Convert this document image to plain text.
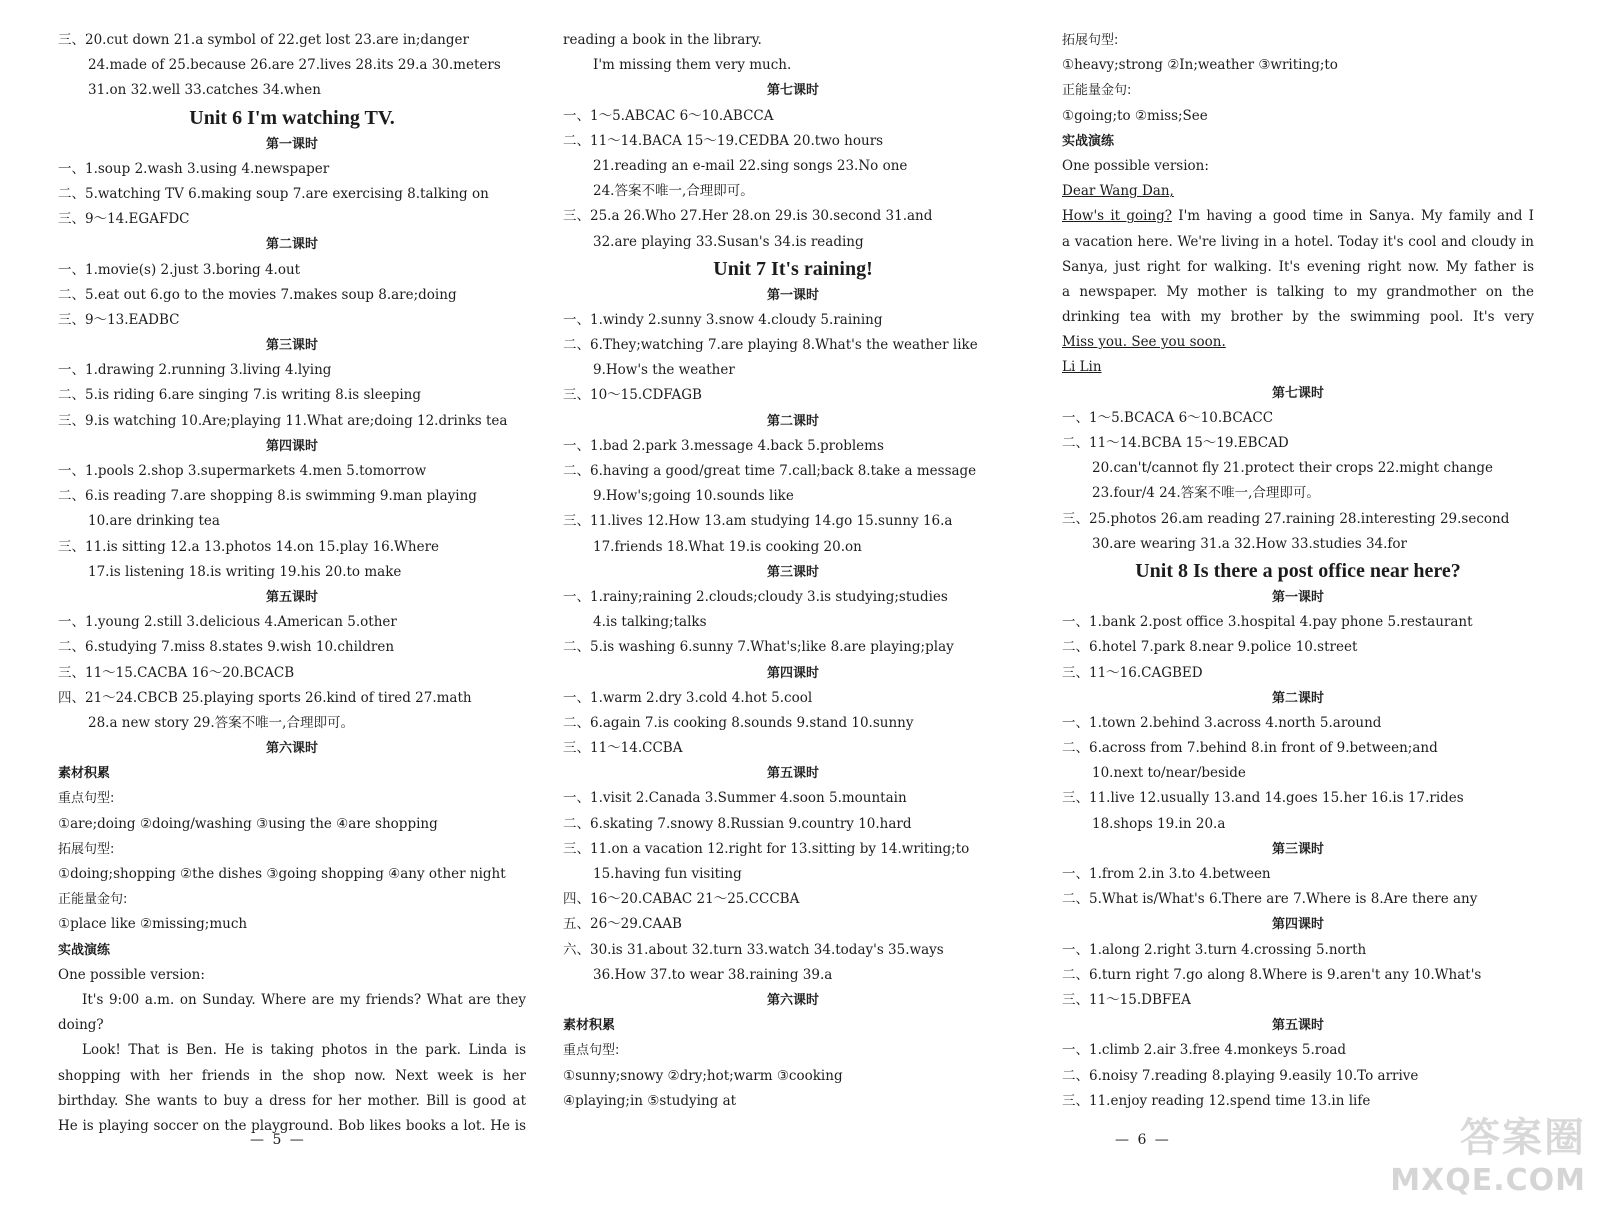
三、20.cut down 21.a symbol of 22.get lost 23.are in;danger
24.made of 25.because 26.are 27.lives 28.its 29.a 30.meters
31.on 32.well 33.catches 34.when
Unit 6 I'm watching TV.
第一课时
一、1.soup 2.wash 3.using 4.newspaper
二、5.watching TV 6.making soup 7.are exercising 8.talking on
三、9～14.EGAFDC
第二课时
一、1.movie(s) 2.just 3.boring 4.out
二、5.eat out 6.go to the movies 7.makes soup 8.are;doing
三、9～13.EADBC
第三课时
一、1.drawing 2.running 3.living 4.lying
二、5.is riding 6.are singing 7.is writing 8.is sleeping
三、9.is watching 10.Are;playing 11.What are;doing 12.drinks tea
第四课时
一、1.pools 2.shop 3.supermarkets 4.men 5.tomorrow
二、6.is reading 7.are shopping 8.is swimming 9.man playing
10.are drinking tea
三、11.is sitting 12.a 13.photos 14.on 15.play 16.Where
17.is listening 18.is writing 19.his 20.to make
第五课时
一、1.young 2.still 3.delicious 4.American 5.other
二、6.studying 7.miss 8.states 9.wish 10.children
三、11～15.CACBA 16～20.BCACB
四、21～24.CBCB 25.playing sports 26.kind of tired 27.math
28.a new story 29.答案不唯一,合理即可。
第六课时
素材积累
重点句型:
①are;doing ②doing/washing ③using the ④are shopping
拓展句型:
①doing;shopping ②the dishes ③going shopping ④any other night
正能量金句:
①place like ②missing;much
实战演练
One possible version:
It's 9:00 a.m. on Sunday. Where are my friends? What are they
doing?
Look! That is Ben. He is taking photos in the park. Linda is
shopping with her friends in the shop now. Next week is her
birthday. She wants to buy a dress for her mother. Bill is good at
He is playing soccer on the playground. Bob likes books a lot. He is
reading a book in the library.
I'm missing them very much.
第七课时
一、1～5.ABCAC 6～10.ABCCA
二、11～14.BACA 15～19.CEDBA 20.two hours
21.reading an e-mail 22.sing songs 23.No one
24.答案不唯一,合理即可。
三、25.a 26.Who 27.Her 28.on 29.is 30.second 31.and
32.are playing 33.Susan's 34.is reading
Unit 7 It's raining!
第一课时
一、1.windy 2.sunny 3.snow 4.cloudy 5.raining
二、6.They;watching 7.are playing 8.What's the weather like
9.How's the weather
三、10～15.CDFAGB
第二课时
一、1.bad 2.park 3.message 4.back 5.problems
二、6.having a good/great time 7.call;back 8.take a message
9.How's;going 10.sounds like
三、11.lives 12.How 13.am studying 14.go 15.sunny 16.a
17.friends 18.What 19.is cooking 20.on
第三课时
一、1.rainy;raining 2.clouds;cloudy 3.is studying;studies
4.is talking;talks
二、5.is washing 6.sunny 7.What's;like 8.are playing;play
第四课时
一、1.warm 2.dry 3.cold 4.hot 5.cool
二、6.again 7.is cooking 8.sounds 9.stand 10.sunny
三、11～14.CCBA
第五课时
一、1.visit 2.Canada 3.Summer 4.soon 5.mountain
二、6.skating 7.snowy 8.Russian 9.country 10.hard
三、11.on a vacation 12.right for 13.sitting by 14.writing;to
15.having fun visiting
四、16～20.CABAC 21～25.CCCBA
五、26～29.CAAB
六、30.is 31.about 32.turn 33.watch 34.today's 35.ways
36.How 37.to wear 38.raining 39.a
第六课时
素材积累
重点句型:
①sunny;snowy ②dry;hot;warm ③cooking
④playing;in ⑤studying at
拓展句型:
①heavy;strong ②In;weather ③writing;to
正能量金句:
①going;to ②miss;See
实战演练
One possible version:
Dear Wang Dan,
How's it going? I'm having a good time in Sanya. My family and I
a vacation here. We're living in a hotel. Today it's cool and cloudy in
Sanya, just right for walking. It's evening right now. My father is
a newspaper. My mother is talking to my grandmother on the
drinking tea with my brother by the swimming pool. It's very
Miss you. See you soon.
Li Lin
第七课时
一、1～5.BCACA 6～10.BCACC
二、11～14.BCBA 15～19.EBCAD
20.can't/cannot fly 21.protect their crops 22.might change
23.four/4 24.答案不唯一,合理即可。
三、25.photos 26.am reading 27.raining 28.interesting 29.second
30.are wearing 31.a 32.How 33.studies 34.for
Unit 8 Is there a post office near here?
第一课时
一、1.bank 2.post office 3.hospital 4.pay phone 5.restaurant
二、6.hotel 7.park 8.near 9.police 10.street
三、11～16.CAGBED
第二课时
一、1.town 2.behind 3.across 4.north 5.around
二、6.across from 7.behind 8.in front of 9.between;and
10.next to/near/beside
三、11.live 12.usually 13.and 14.goes 15.her 16.is 17.rides
18.shops 19.in 20.a
第三课时
一、1.from 2.in 3.to 4.between
二、5.What is/What's 6.There are 7.Where is 8.Are there any
第四课时
一、1.along 2.right 3.turn 4.crossing 5.north
二、6.turn right 7.go along 8.Where is 9.aren't any 10.What's
三、11～15.DBFEA
第五课时
一、1.climb 2.air 3.free 4.monkeys 5.road
二、6.noisy 7.reading 8.playing 9.easily 10.To arrive
三、11.enjoy reading 12.spend time 13.in life
— 5 —	— 6 —	答案圈
MXQE.COM
